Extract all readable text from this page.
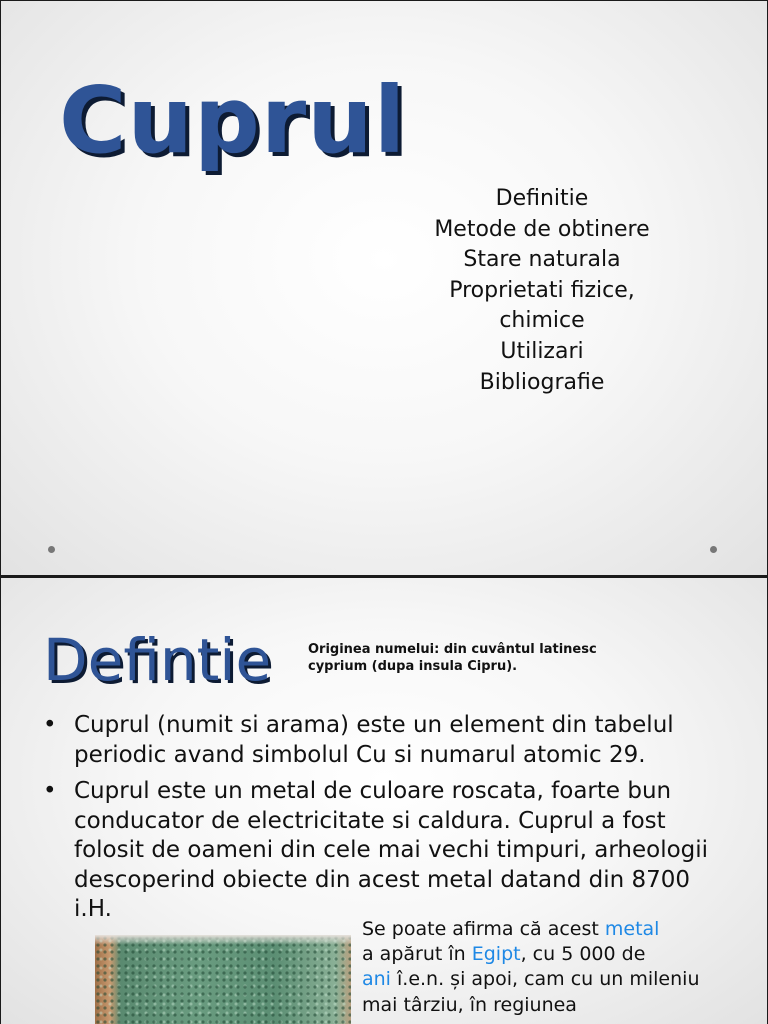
Cuprul
Definitie
Metode de obtinere
Stare naturala
Proprietati fizice,
chimice
Utilizari
Bibliografie
Defintie	Originea numelui: din cuvântul latinesc cyprium (dupa insula Cipru).

• Cuprul (numit si arama) este un element din tabelul periodic avand simbolul Cu si numarul atomic 29.
• Cuprul este un metal de culoare roscata, foarte bun conducator de electricitate si caldura. Cuprul a fost folosit de oameni din cele mai vechi timpuri, arheologii descoperind obiecte din acest metal datand din 8700 i.H.

Se poate afirma că acest metal
a apărut în Egipt, cu 5 000 de
ani î.e.n. și apoi, cam cu un mileniu mai târziu, în regiunea
